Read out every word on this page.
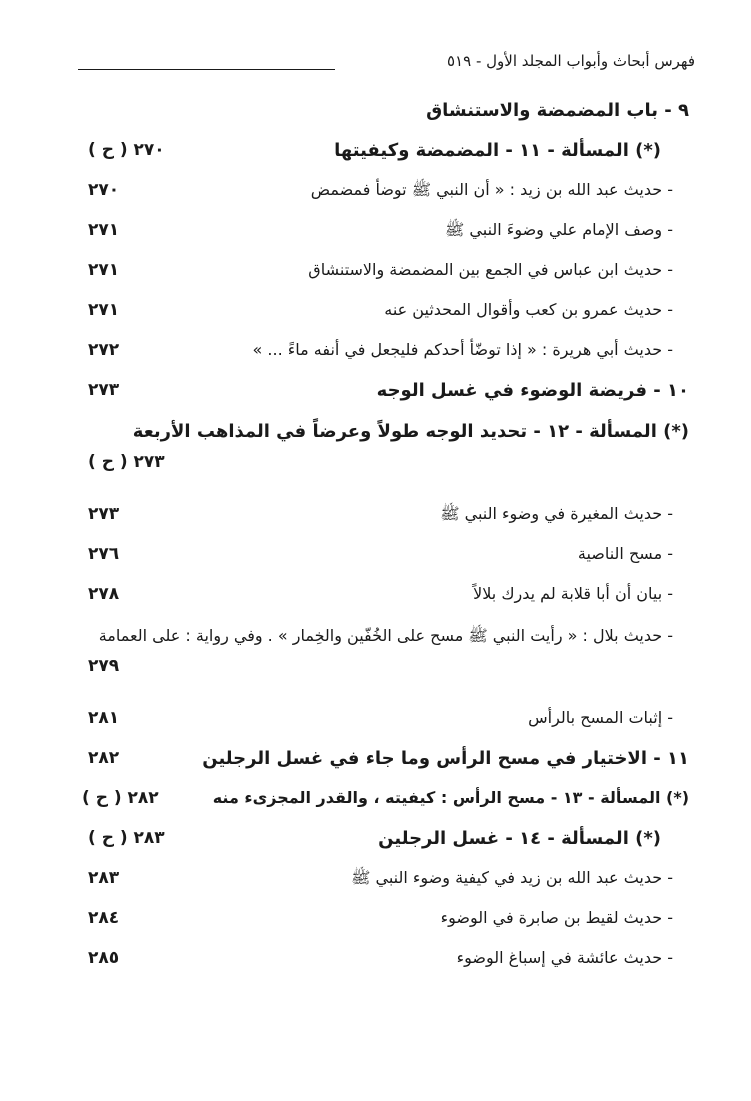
فهرس أبحاث وأبواب المجلد الأول - ٥١٩
٩ - باب المضمضة والاستنشاق
(*) المسألة - ١١ - المضمضة وكيفيتها
٢٧٠ ( ح )
- حديث عبد الله بن زيد : « أن النبي ﷺ توضأ فمضمض
٢٧٠
- وصف الإمام علي وضوءَ النبي ﷺ
٢٧١
- حديث ابن عباس في الجمع بين المضمضة والاستنشاق
٢٧١
- حديث عمرو بن كعب وأقوال المحدثين عنه
٢٧١
- حديث أبي هريرة : « إذا توضّأ أحدكم فليجعل في أنفه ماءً ... »
٢٧٢
١٠ - فريضة الوضوء في غسل الوجه
٢٧٣
(*) المسألة - ١٢ - تحديد الوجه طولاً وعرضاً في المذاهب الأربعة
٢٧٣ ( ح )
- حديث المغيرة في وضوء النبي ﷺ
٢٧٣
- مسح الناصية
٢٧٦
- بيان أن أبا قلابة لم يدرك بلالاً
٢٧٨
- حديث بلال : « رأيت النبي ﷺ مسح على الخُفّين والخِمار » . وفي رواية : على العمامة
٢٧٩
- إثبات المسح بالرأس
٢٨١
١١ - الاختيار في مسح الرأس وما جاء في غسل الرجلين
٢٨٢
(*) المسألة - ١٣ - مسح الرأس : كيفيته ، والقدر المجزىء منه
٢٨٢ ( ح )
(*) المسألة - ١٤ - غسل الرجلين
٢٨٣ ( ح )
- حديث عبد الله بن زيد في كيفية وضوء النبي ﷺ
٢٨٣
- حديث لقيط بن صابرة في الوضوء
٢٨٤
- حديث عائشة في إسباغ الوضوء
٢٨٥
